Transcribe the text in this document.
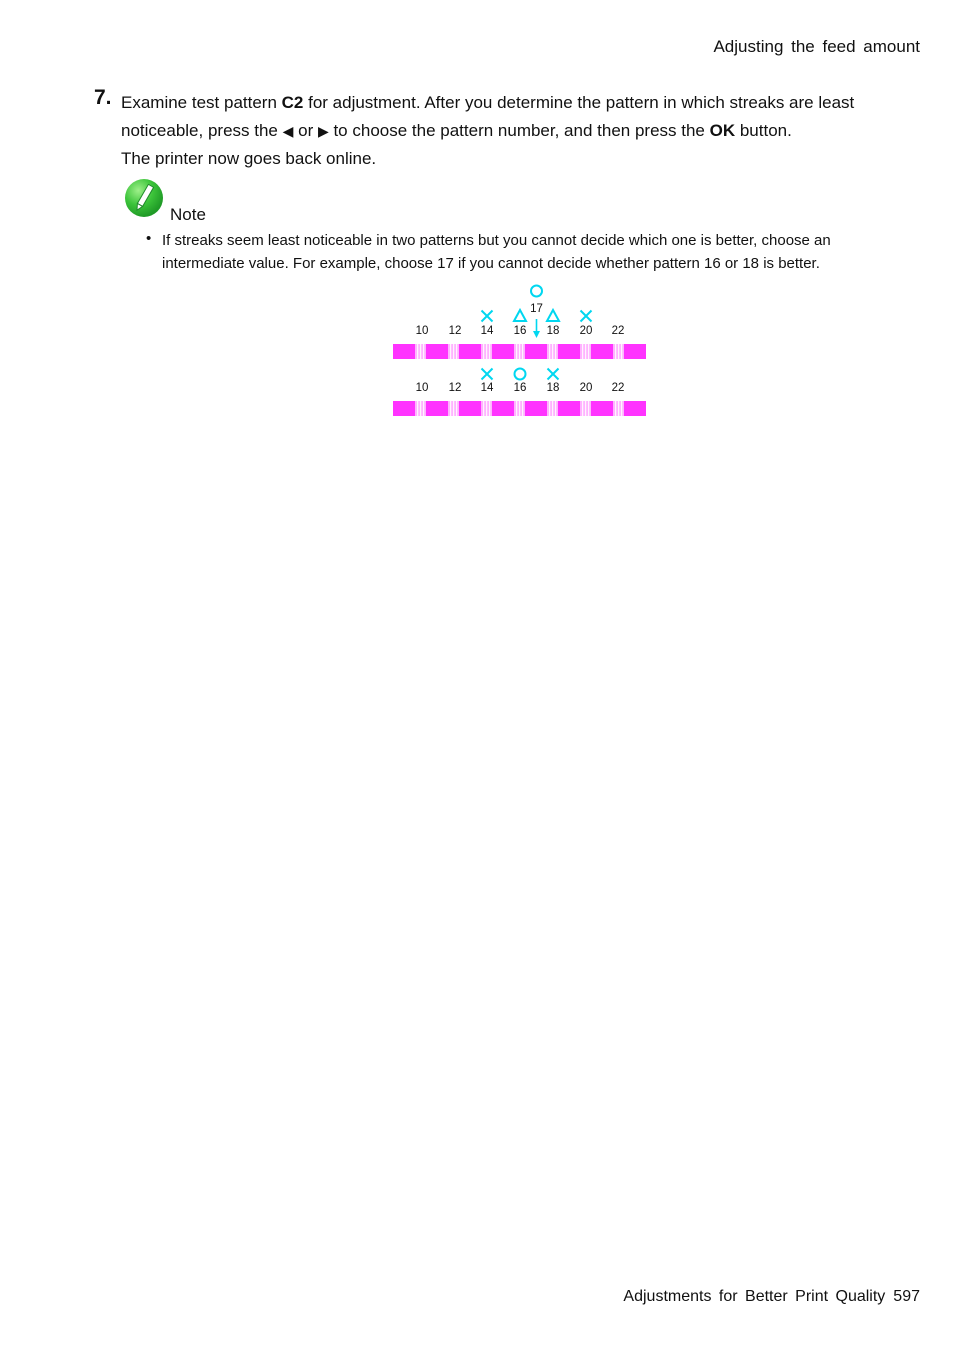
Adjusting the feed amount
7. Examine test pattern C2 for adjustment. After you determine the pattern in which streaks are least noticeable, press the ◀ or ▶ to choose the pattern number, and then press the OK button.
The printer now goes back online.
Note
• If streaks seem least noticeable in two patterns but you cannot decide which one is better, choose an intermediate value. For example, choose 17 if you cannot decide whether pattern 16 or 18 is better.
10 12 14 16 18 20 22
17
10 12 14 16 18 20 22
Adjustments for Better Print Quality 597
